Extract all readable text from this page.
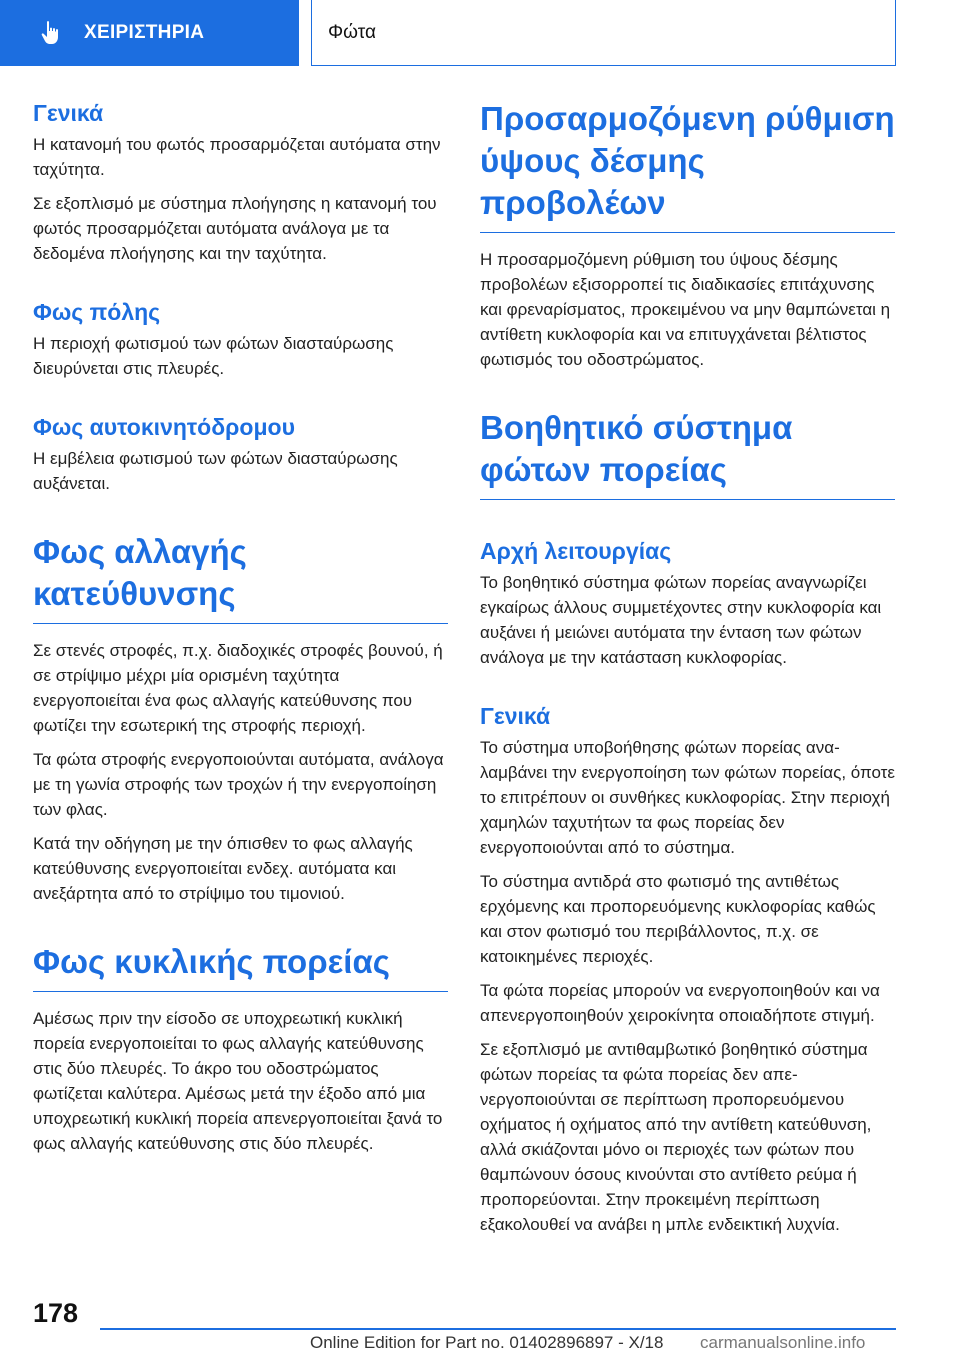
ΧΕΙΡΙΣΤΗΡΙΑ	Φώτα
Γενικά

Η κατανομή του φωτός προσαρμόζεται αυτόματα στην ταχύτητα.

Σε εξοπλισμό με σύστημα πλοήγησης η κατανομή του φωτός προσαρμόζεται αυτόματα ανάλογα με τα δεδομένα πλοήγησης και την ταχύτητα.

Φως πόλης

Η περιοχή φωτισμού των φώτων διασταύρωσης διευρύνεται στις πλευρές.

Φως αυτοκινητόδρομου

Η εμβέλεια φωτισμού των φώτων διασταύρωσης αυξάνεται.

Φως αλλαγής κατεύθυνσης

Σε στενές στροφές, π.χ. διαδοχικές στροφές βουνού, ή σε στρίψιμο μέχρι μία ορισμένη ταχύτητα ενεργοποιείται ένα φως αλλαγής κατεύθυνσης που φωτίζει την εσωτερική της στροφής περιοχή.

Τα φώτα στροφής ενεργοποιούνται αυτόματα, ανάλογα με τη γωνία στροφής των τροχών ή την ενεργοποίηση των φλας.

Κατά την οδήγηση με την όπισθεν το φως αλλαγής κατεύθυνσης ενεργοποιείται ενδεχ. αυτόματα και ανεξάρτητα από το στρίψιμο του τιμονιού.

Φως κυκλικής πορείας

Αμέσως πριν την είσοδο σε υποχρεωτική κυκλική πορεία ενεργοποιείται το φως αλλαγής κατεύθυνσης στις δύο πλευρές. Το άκρο του οδοστρώματος φωτίζεται καλύτερα. Αμέσως μετά την έξοδο από μια υποχρεωτική κυκλική πορεία απενεργοποιείται ξανά το φως αλλαγής κατεύθυνσης στις δύο πλευρές.

Προσαρμοζόμενη ρύθμιση ύψους δέσμης προβολέων

Η προσαρμοζόμενη ρύθμιση του ύψους δέσμης προβολέων εξισορροπεί τις διαδικασίες επιτάχυνσης και φρεναρίσματος, προκειμένου να μην θαμπώνεται η αντίθετη κυκλοφορία και να επιτυγχάνεται βέλτιστος φωτισμός του οδοστρώματος.

Βοηθητικό σύστημα φώτων πορείας
Αρχή λειτουργίας

Το βοηθητικό σύστημα φώτων πορείας αναγνωρίζει εγκαίρως άλλους συμμετέχοντες στην κυκλοφορία και αυξάνει ή μειώνει αυτόματα την ένταση των φώτων ανάλογα με την κατάσταση κυκλοφορίας.

Γενικά

Το σύστημα υποβοήθησης φώτων πορείας αναλαμβάνει την ενεργοποίηση των φώτων πορείας, όποτε το επιτρέπουν οι συνθήκες κυκλοφορίας. Στην περιοχή χαμηλών ταχυτήτων τα φως πορείας δεν ενεργοποιούνται από το σύστημα.

Το σύστημα αντιδρά στο φωτισμό της αντιθέτως ερχόμενης και προπορευόμενης κυκλοφορίας καθώς και στον φωτισμό του περιβάλλοντος, π.χ. σε κατοικημένες περιοχές.

Τα φώτα πορείας μπορούν να ενεργοποιηθούν και να απενεργοποιηθούν χειροκίνητα οποιαδήποτε στιγμή.

Σε εξοπλισμό με αντιθαμβωτικό βοηθητικό σύστημα φώτων πορείας τα φώτα πορείας δεν απενεργοποιούνται σε περίπτωση προπορευόμενου οχήματος ή οχήματος από την αντίθετη κατεύθυνση, αλλά σκιάζονται μόνο οι περιοχές των φώτων που θαμπώνουν όσους κινούνται στο αντίθετο ρεύμα ή προπορεύονται. Στην προκειμένη περίπτωση εξακολουθεί να ανάβει η μπλε ενδεικτική λυχνία.

178
Online Edition for Part no. 01402896897 - X/18 carmanualsonline.info
